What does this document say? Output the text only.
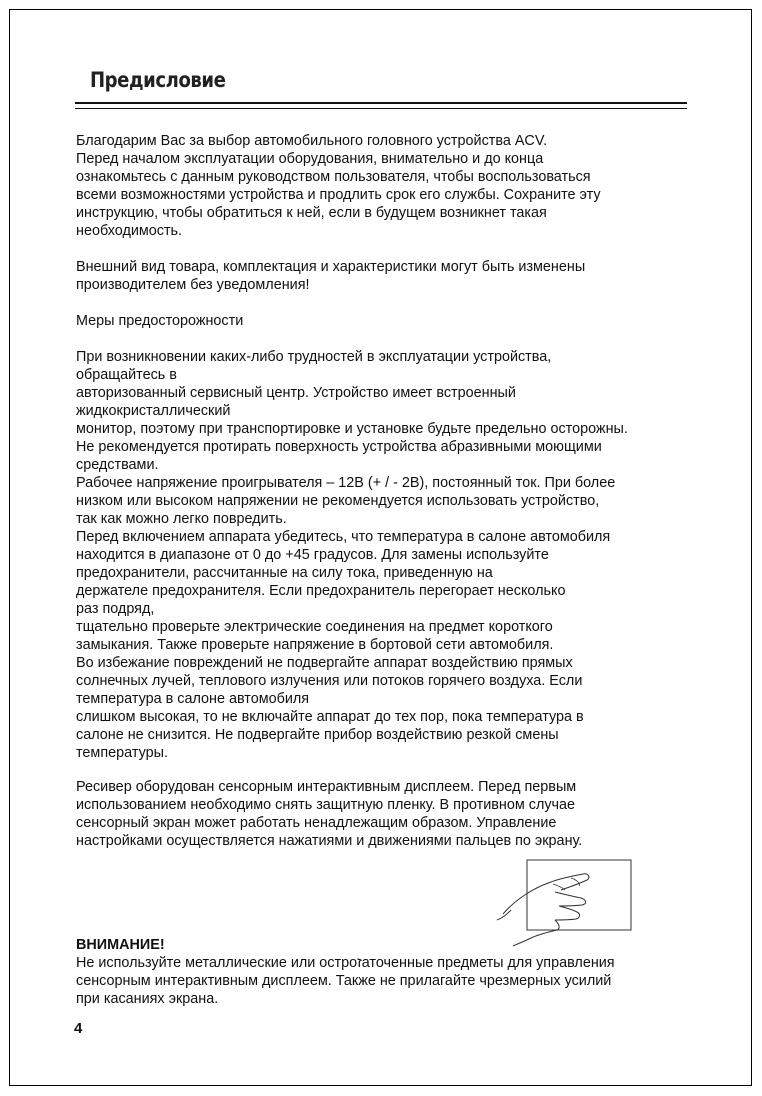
Предисловие

Благодарим Вас за выбор автомобильного головного устройства ACV.
Перед началом эксплуатации оборудования, внимательно и до конца
ознакомьтесь с данным руководством пользователя, чтобы воспользоваться
всеми возможностями устройства и продлить срок его службы. Сохраните эту
инструкцию, чтобы обратиться к ней, если в будущем возникнет такая
необходимость.

Внешний вид товара, комплектация и характеристики могут быть изменены
производителем без уведомления!

Меры предосторожности

При возникновении каких-либо трудностей в эксплуатации устройства,
обращайтесь в
авторизованный сервисный центр. Устройство имеет встроенный
жидкокристаллический
монитор, поэтому при транспортировке и установке будьте предельно осторожны.
Не рекомендуется протирать поверхность устройства абразивными моющими
средствами.
Рабочее напряжение проигрывателя – 12В (+ / - 2В), постоянный ток. При более
низком или высоком напряжении не рекомендуется использовать устройство,
так как можно легко повредить.
Перед включением аппарата убедитесь, что температура в салоне автомобиля
находится в диапазоне от 0 до +45 градусов. Для замены используйте
предохранители, рассчитанные на силу тока, приведенную на
держателе предохранителя. Если предохранитель перегорает несколько
раз подряд,
тщательно проверьте электрические соединения на предмет короткого
замыкания. Также проверьте напряжение в бортовой сети автомобиля.
Во избежание повреждений не подвергайте аппарат воздействию прямых
солнечных лучей, теплового излучения или потоков горячего воздуха. Если
температура в салоне автомобиля
слишком высокая, то не включайте аппарат до тех пор, пока температура в
салоне не снизится. Не подвергайте прибор воздействию резкой смены
температуры.

Ресивер оборудован сенсорным интерактивным дисплеем. Перед первым
использованием необходимо снять защитную пленку. В противном случае
сенсорный экран может работать ненадлежащим образом. Управление
настройками осуществляется нажатиями и движениями пальцев по экрану.

ВНИМАНИЕ!
Не используйте металлические или остроזаточенные предметы для управления
сенсорным интерактивным дисплеем. Также не прилагайте чрезмерных усилий
при касаниях экрана.

4
